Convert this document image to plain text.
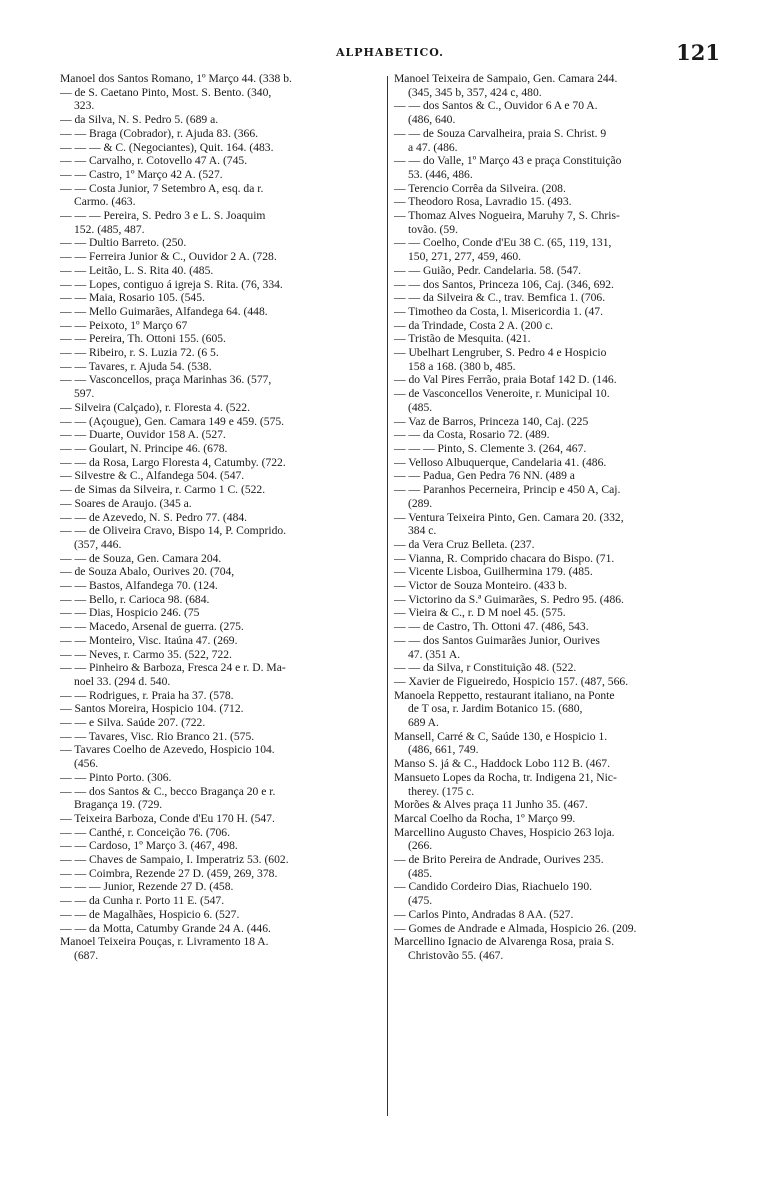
ALPHABETICO.	121
Manoel dos Santos Romano, 1º Março 44. (338 b.
— de S. Caetano Pinto, Most. S. Bento. (340,
323.
— da Silva, N. S. Pedro 5. (689 a.
— — Braga (Cobrador), r. Ajuda 83. (366.
— — — & C. (Negociantes), Quit. 164. (483.
— — Carvalho, r. Cotovello 47 A. (745.
— — Castro, 1º Março 42 A. (527.
— — Costa Junior, 7 Setembro A, esq. da r.
Carmo. (463.
— — — Pereira, S. Pedro 3 e L. S. Joaquim
152. (485, 487.
— — Dultio Barreto. (250.
— — Ferreira Junior & C., Ouvidor 2 A. (728.
— — Leitão, L. S. Rita 40. (485.
— — Lopes, contiguo á igreja S. Rita. (76, 334.
— — Maia, Rosario 105. (545.
— — Mello Guimarães, Alfandega 64. (448.
— — Peixoto, 1º Março 67
— — Pereira, Th. Ottoni 155. (605.
— — Ribeiro, r. S. Luzia 72. (6 5.
— — Tavares, r. Ajuda 54. (538.
— — Vasconcellos, praça Marinhas 36. (577,
597.
— Silveira (Calçado), r. Floresta 4. (522.
— — (Açougue), Gen. Camara 149 e 459. (575.
— — Duarte, Ouvidor 158 A. (527.
— — Goulart, N. Principe 46. (678.
— — da Rosa, Largo Floresta 4, Catumby. (722.
— Silvestre & C., Alfandega 504. (547.
— de Simas da Silveira, r. Carmo 1 C. (522.
— Soares de Araujo. (345 a.
— — de Azevedo, N. S. Pedro 77. (484.
— — de Oliveira Cravo, Bispo 14, P. Comprido.
(357, 446.
— — de Souza, Gen. Camara 204.
— de Souza Abalo, Ourives 20. (704,
— — Bastos, Alfandega 70. (124.
— — Bello, r. Carioca 98. (684.
— — Dias, Hospicio 246. (75
— — Macedo, Arsenal de guerra. (275.
— — Monteiro, Visc. Itaúna 47. (269.
— — Neves, r. Carmo 35. (522, 722.
— — Pinheiro & Barboza, Fresca 24 e r. D. Ma-
noel 33. (294 d. 540.
— — Rodrigues, r. Praia ha 37. (578.
— Santos Moreira, Hospicio 104. (712.
— — e Silva. Saúde 207. (722.
— — Tavares, Visc. Rio Branco 21. (575.
— Tavares Coelho de Azevedo, Hospicio 104.
(456.
— — Pinto Porto. (306.
— — dos Santos & C., becco Bragança 20 e r.
Bragança 19. (729.
— Teixeira Barboza, Conde d'Eu 170 H. (547.
— — Canthé, r. Conceição 76. (706.
— — Cardoso, 1º Março 3. (467, 498.
— — Chaves de Sampaio, I. Imperatriz 53. (602.
— — Coimbra, Rezende 27 D. (459, 269, 378.
— — — Junior, Rezende 27 D. (458.
— — da Cunha r. Porto 11 E. (547.
— — de Magalhães, Hospicio 6. (527.
— — da Motta, Catumby Grande 24 A. (446.
Manoel Teixeira Pouças, r. Livramento 18 A.
(687.
Manoel Teixeira de Sampaio, Gen. Camara 244.
(345, 345 b, 357, 424 c, 480.
— — dos Santos & C., Ouvidor 6 A e 70 A.
(486, 640.
— — de Souza Carvalheira, praia S. Christ. 9
a 47. (486.
— — do Valle, 1º Março 43 e praça Constituição
53. (446, 486.
— Terencio Corrêa da Silveira. (208.
— Theodoro Rosa, Lavradio 15. (493.
— Thomaz Alves Nogueira, Maruhy 7, S. Chris-
tovão. (59.
— — Coelho, Conde d'Eu 38 C. (65, 119, 131,
150, 271, 277, 459, 460.
— — Guião, Pedr. Candelaria. 58. (547.
— — dos Santos, Princeza 106, Caj. (346, 692.
— — da Silveira & C., trav. Bemfica 1. (706.
— Timotheo da Costa, l. Misericordia 1. (47.
— da Trindade, Costa 2 A. (200 c.
— Tristão de Mesquita. (421.
— Ubelhart Lengruber, S. Pedro 4 e Hospicio
158 a 168. (380 b, 485.
— do Val Pires Ferrão, praia Botaf 142 D. (146.
— de Vasconcellos Veneroite, r. Municipal 10.
(485.
— Vaz de Barros, Princeza 140, Caj. (225
— — da Costa, Rosario 72. (489.
— — — Pinto, S. Clemente 3. (264, 467.
— Velloso Albuquerque, Candelaria 41. (486.
— — Padua, Gen Pedra 76 NN. (489 a
— — Paranhos Pecerneira, Princip e 450 A, Caj.
(289.
— Ventura Teixeira Pinto, Gen. Camara 20. (332,
384 c.
— da Vera Cruz Belleta. (237.
— Vianna, R. Comprido chacara do Bispo. (71.
— Vicente Lisboa, Guilhermina 179. (485.
— Victor de Souza Monteiro. (433 b.
— Victorino da S.ª Guimarães, S. Pedro 95. (486.
— Vieira & C., r. D M noel 45. (575.
— — de Castro, Th. Ottoni 47. (486, 543.
— — dos Santos Guimarães Junior, Ourives
47. (351 A.
— — da Silva, r Constituição 48. (522.
— Xavier de Figueiredo, Hospicio 157. (487, 566.
Manoela Reppetto, restaurant italiano, na Ponte
de T osa, r. Jardim Botanico 15. (680,
689 A.
Mansell, Carré & C, Saúde 130, e Hospicio 1.
(486, 661, 749.
Manso S. já & C., Haddock Lobo 112 B. (467.
Mansueto Lopes da Rocha, tr. Indigena 21, Nic-
therey. (175 c.
Morões & Alves praça 11 Junho 35. (467.
Marcal Coelho da Rocha, 1º Março 99.
Marcellino Augusto Chaves, Hospicio 263 loja.
(266.
— de Brito Pereira de Andrade, Ourives 235.
(485.
— Candido Cordeiro Dias, Riachuelo 190.
(475.
— Carlos Pinto, Andradas 8 AA. (527.
— Gomes de Andrade e Almada, Hospicio 26. (209.
Marcellino Ignacio de Alvarenga Rosa, praia S.
Christovão 55. (467.
